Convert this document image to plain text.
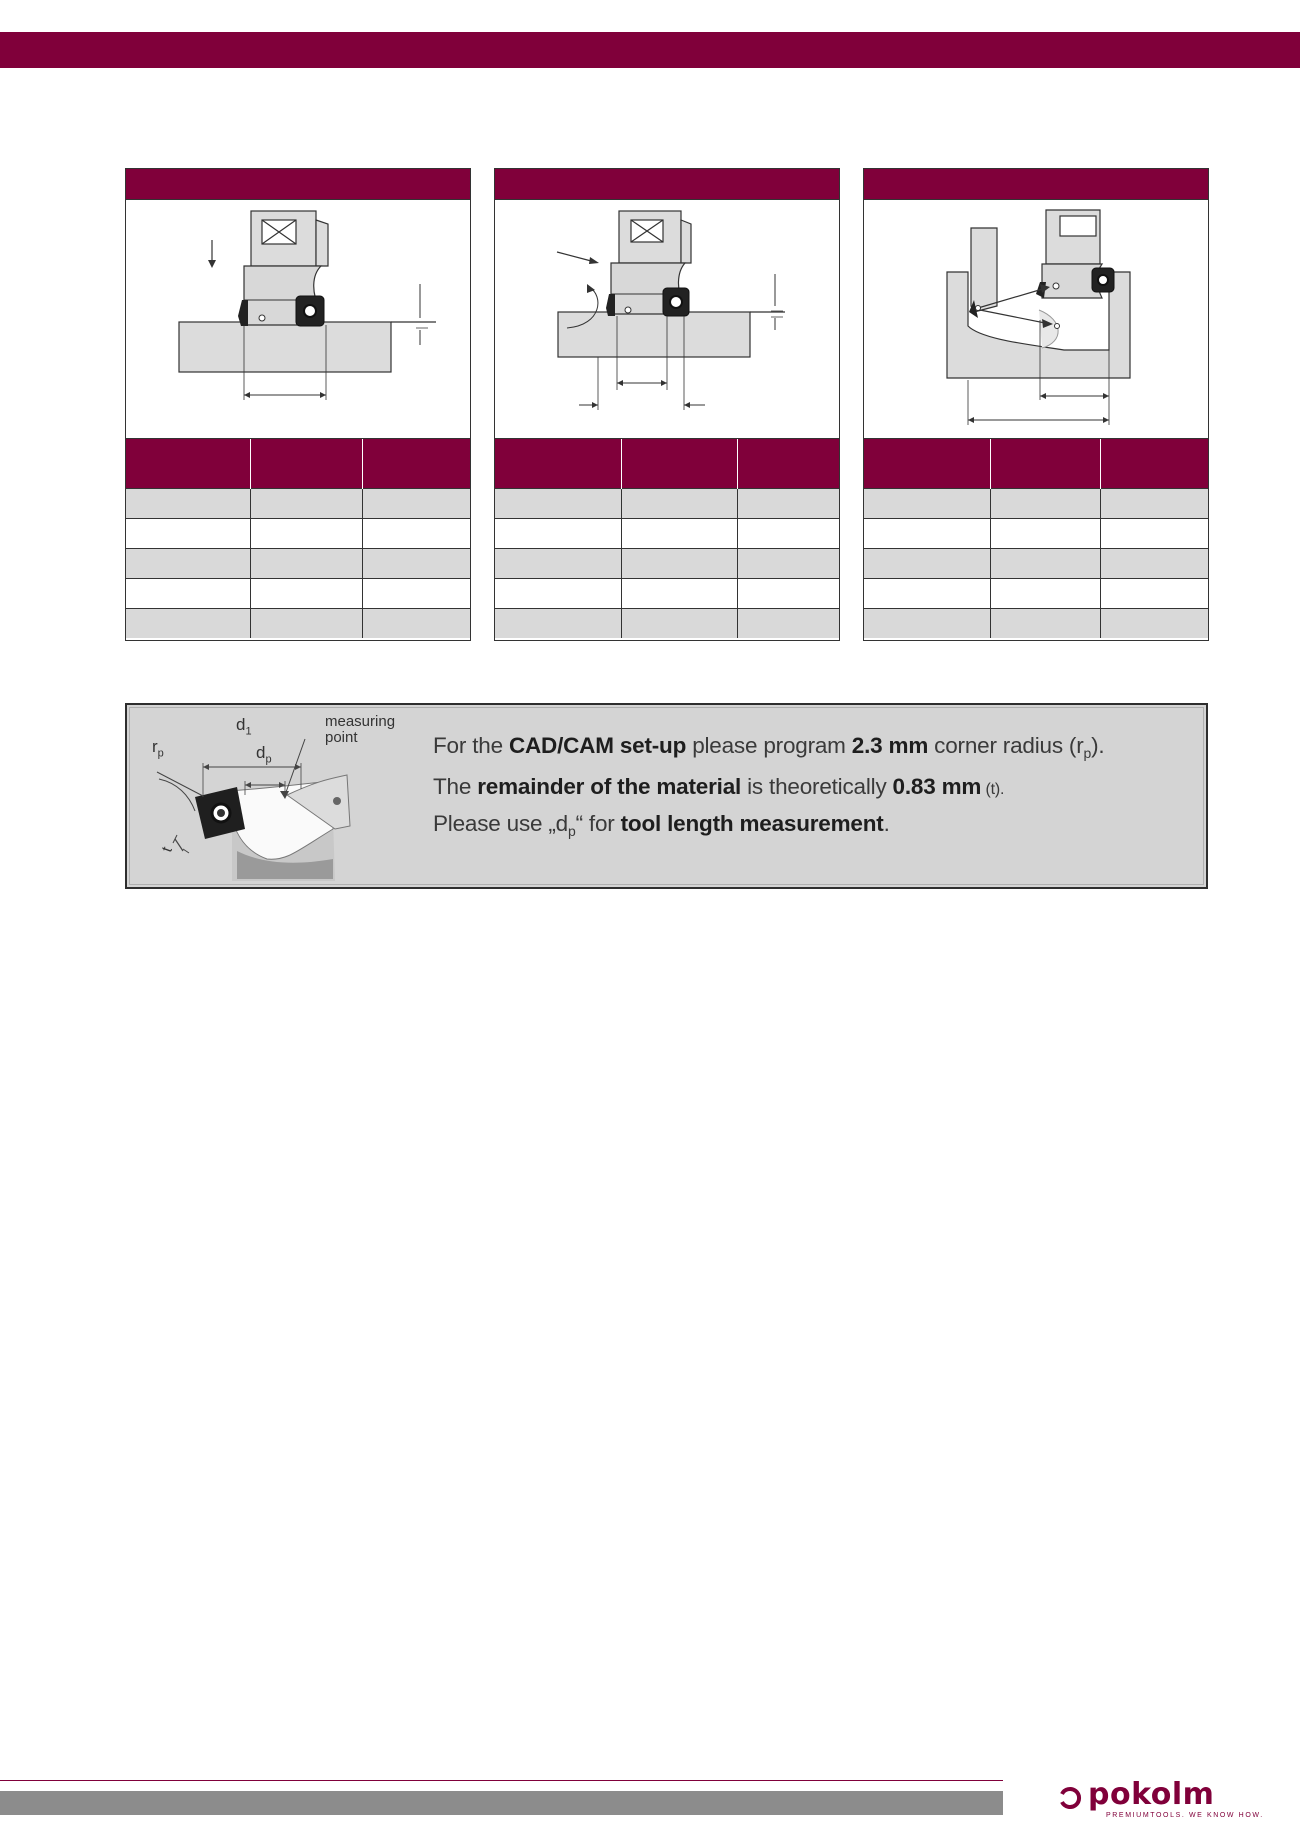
$d_1$
$d_p$
$r_p$
t
measuring
point	For the CAD/CAM set-up please program 2.3 mm corner radius $(r_p)$.
The remainder of the material is theoretically 0.83 mm (t).
Please use $„d_p“$ for tool length measurement.
pokolm
PREMIUMTOOLS. WE KNOW HOW.
